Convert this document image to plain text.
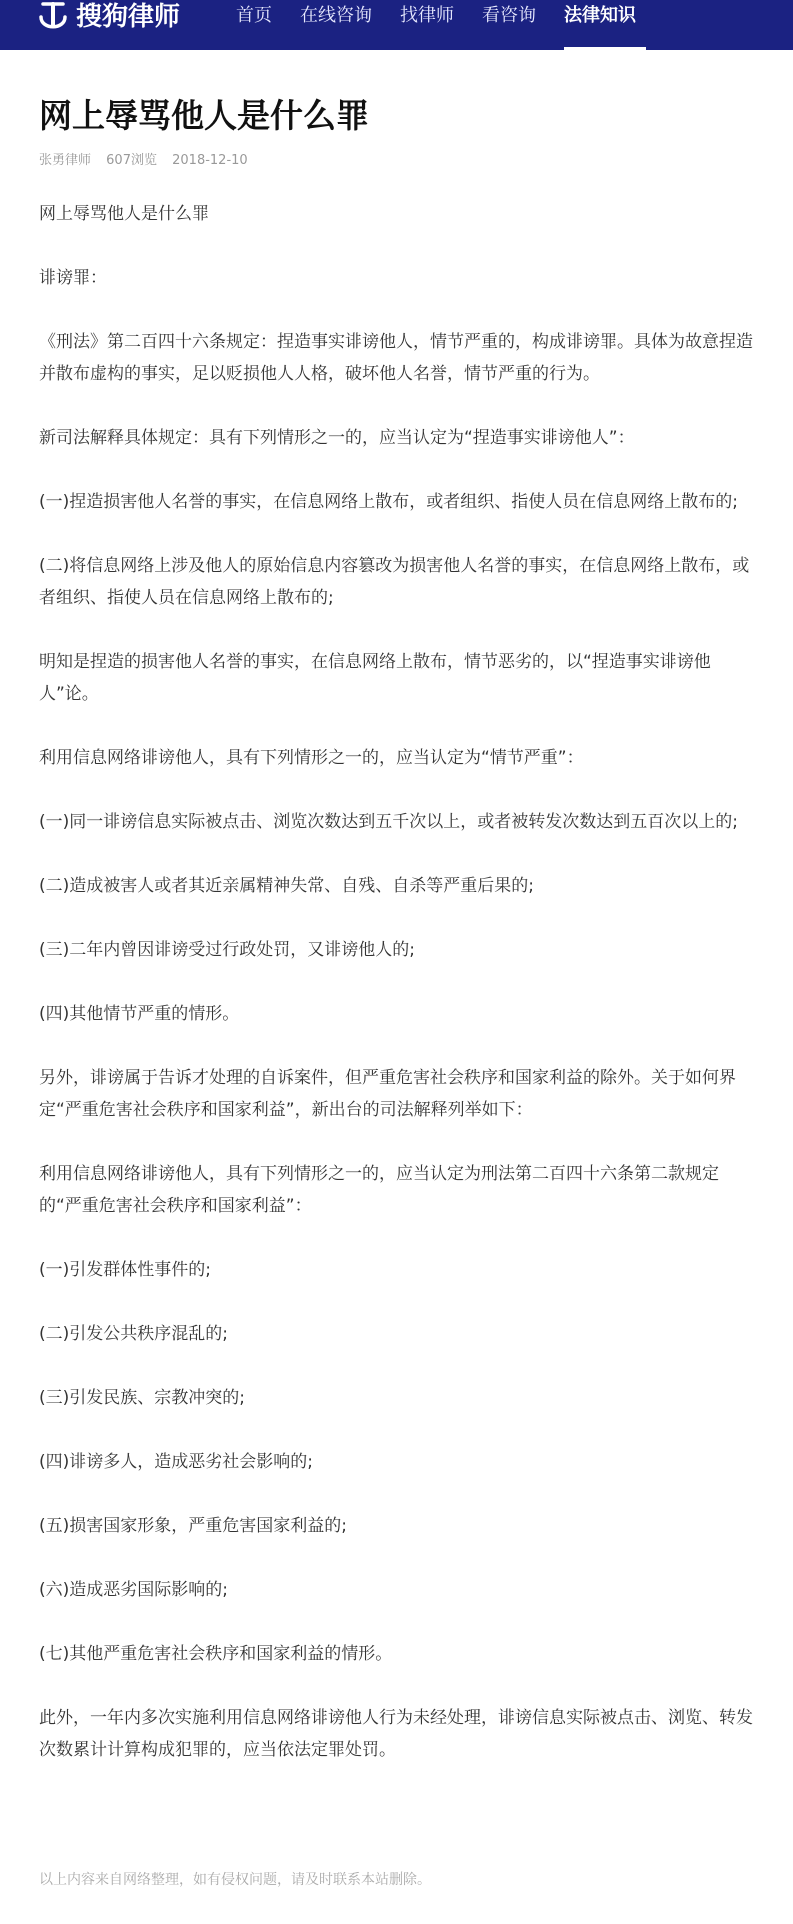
搜狗律师	首页 在线咨询 找律师 看咨询 法律知识
网上辱骂他人是什么罪
张勇律师 607浏览 2018-12-10

网上辱骂他人是什么罪

诽谤罪：

《刑法》第二百四十六条规定：捏造事实诽谤他人，情节严重的，构成诽谤罪。具体为故意捏造并散布虚构的事实，足以贬损他人人格，破坏他人名誉，情节严重的行为。

新司法解释具体规定：具有下列情形之一的，应当认定为“捏造事实诽谤他人”：

(一)捏造损害他人名誉的事实，在信息网络上散布，或者组织、指使人员在信息网络上散布的;

(二)将信息网络上涉及他人的原始信息内容篡改为损害他人名誉的事实，在信息网络上散布，或者组织、指使人员在信息网络上散布的;

明知是捏造的损害他人名誉的事实，在信息网络上散布，情节恶劣的，以“捏造事实诽谤他人”论。

利用信息网络诽谤他人，具有下列情形之一的，应当认定为“情节严重”：

(一)同一诽谤信息实际被点击、浏览次数达到五千次以上，或者被转发次数达到五百次以上的;

(二)造成被害人或者其近亲属精神失常、自残、自杀等严重后果的;

(三)二年内曾因诽谤受过行政处罚，又诽谤他人的;

(四)其他情节严重的情形。

另外，诽谤属于告诉才处理的自诉案件，但严重危害社会秩序和国家利益的除外。关于如何界定“严重危害社会秩序和国家利益”，新出台的司法解释列举如下：

利用信息网络诽谤他人，具有下列情形之一的，应当认定为刑法第二百四十六条第二款规定的“严重危害社会秩序和国家利益”：

(一)引发群体性事件的;

(二)引发公共秩序混乱的;

(三)引发民族、宗教冲突的;

(四)诽谤多人，造成恶劣社会影响的;

(五)损害国家形象，严重危害国家利益的;

(六)造成恶劣国际影响的;

(七)其他严重危害社会秩序和国家利益的情形。

此外，一年内多次实施利用信息网络诽谤他人行为未经处理，诽谤信息实际被点击、浏览、转发次数累计计算构成犯罪的，应当依法定罪处罚。

以上内容来自网络整理，如有侵权问题，请及时联系本站删除。
